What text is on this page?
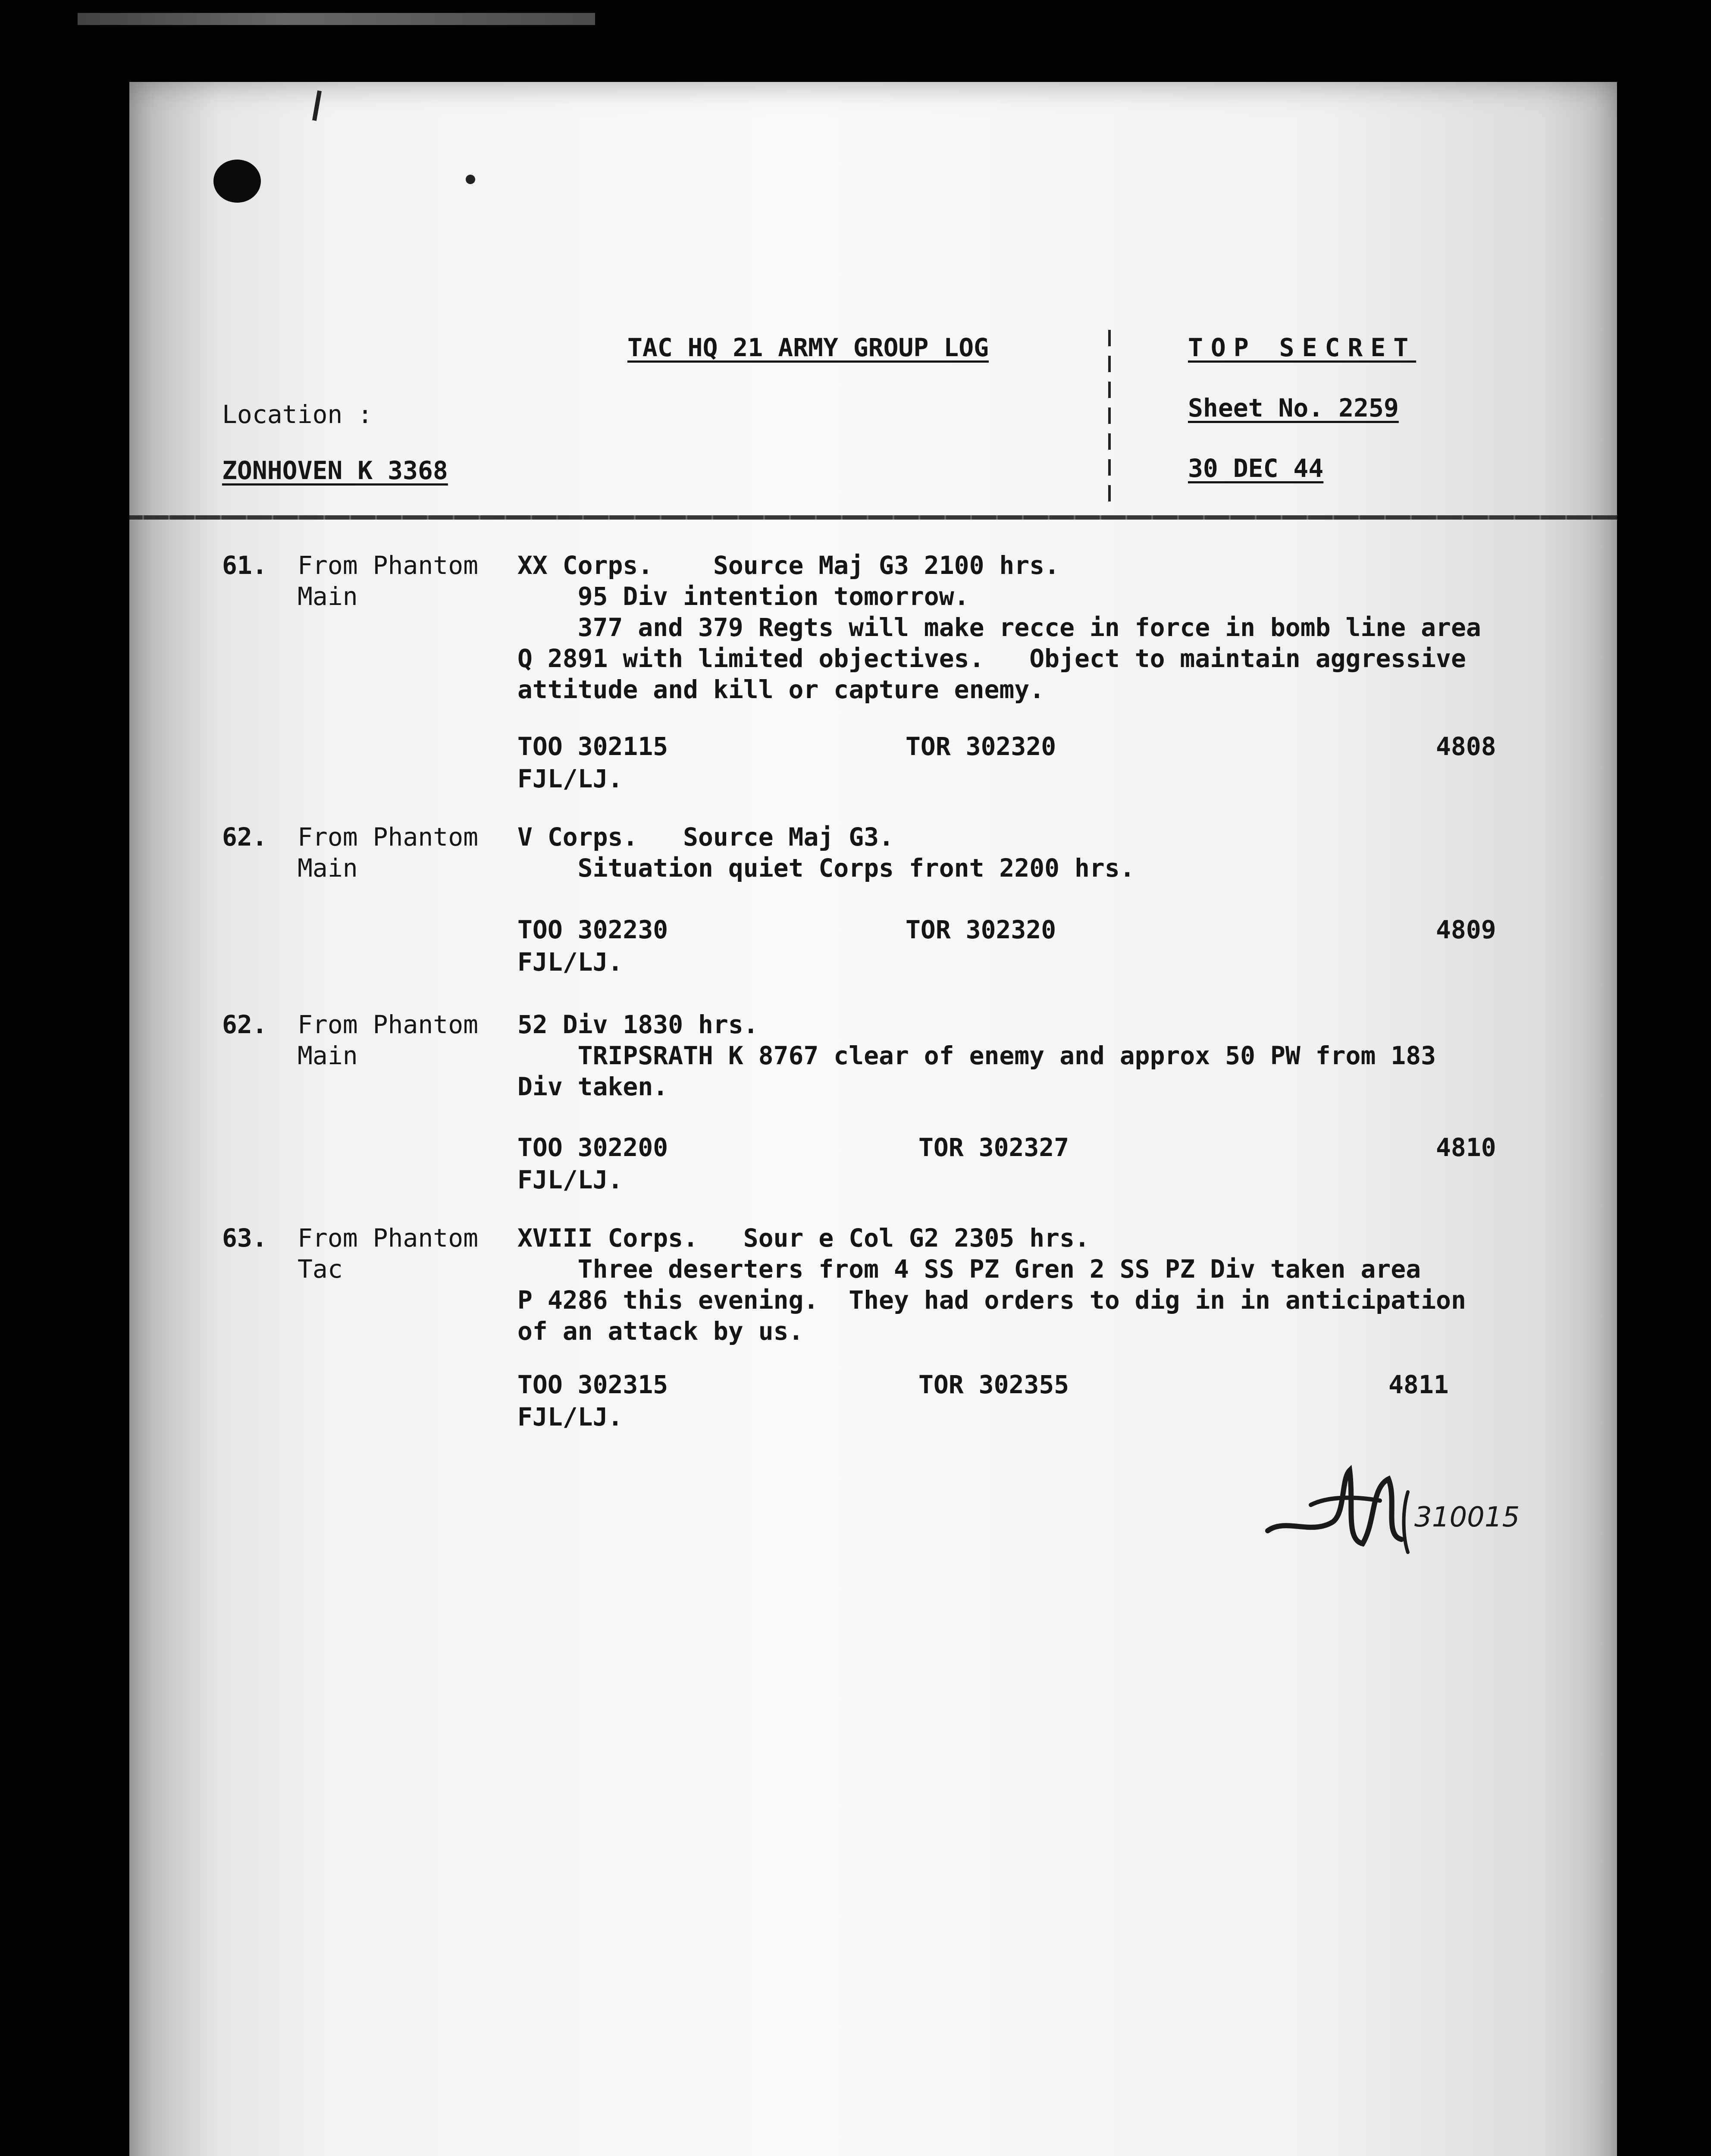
TAC HQ 21 ARMY GROUP LOG	TOP SECRET
Sheet No. 2259
30 DEC 44
Location :
ZONHOVEN K 3368
61. From Phantom
Main
XX Corps.    Source Maj G3 2100 hrs.
95 Div intention tomorrow.
377 and 379 Regts will make recce in force in bomb line area
Q 2891 with limited objectives.   Object to maintain aggressive
attitude and kill or capture enemy.
TOO 302115	TOR 302320	4808
FJL/LJ.
62. From Phantom
Main
V Corps.   Source Maj G3.
Situation quiet Corps front 2200 hrs.
TOO 302230	TOR 302320	4809
FJL/LJ.
62. From Phantom
Main
52 Div 1830 hrs.
TRIPSRATH K 8767 clear of enemy and approx 50 PW from 183
Div taken.
TOO 302200	TOR 302327	4810
FJL/LJ.
63. From Phantom
Tac
XVIII Corps.   Sour e Col G2 2305 hrs.
Three deserters from 4 SS PZ Gren 2 SS PZ Div taken area
P 4286 this evening.  They had orders to dig in in anticipation
of an attack by us.
TOO 302315	TOR 302355	4811
FJL/LJ.
310015
